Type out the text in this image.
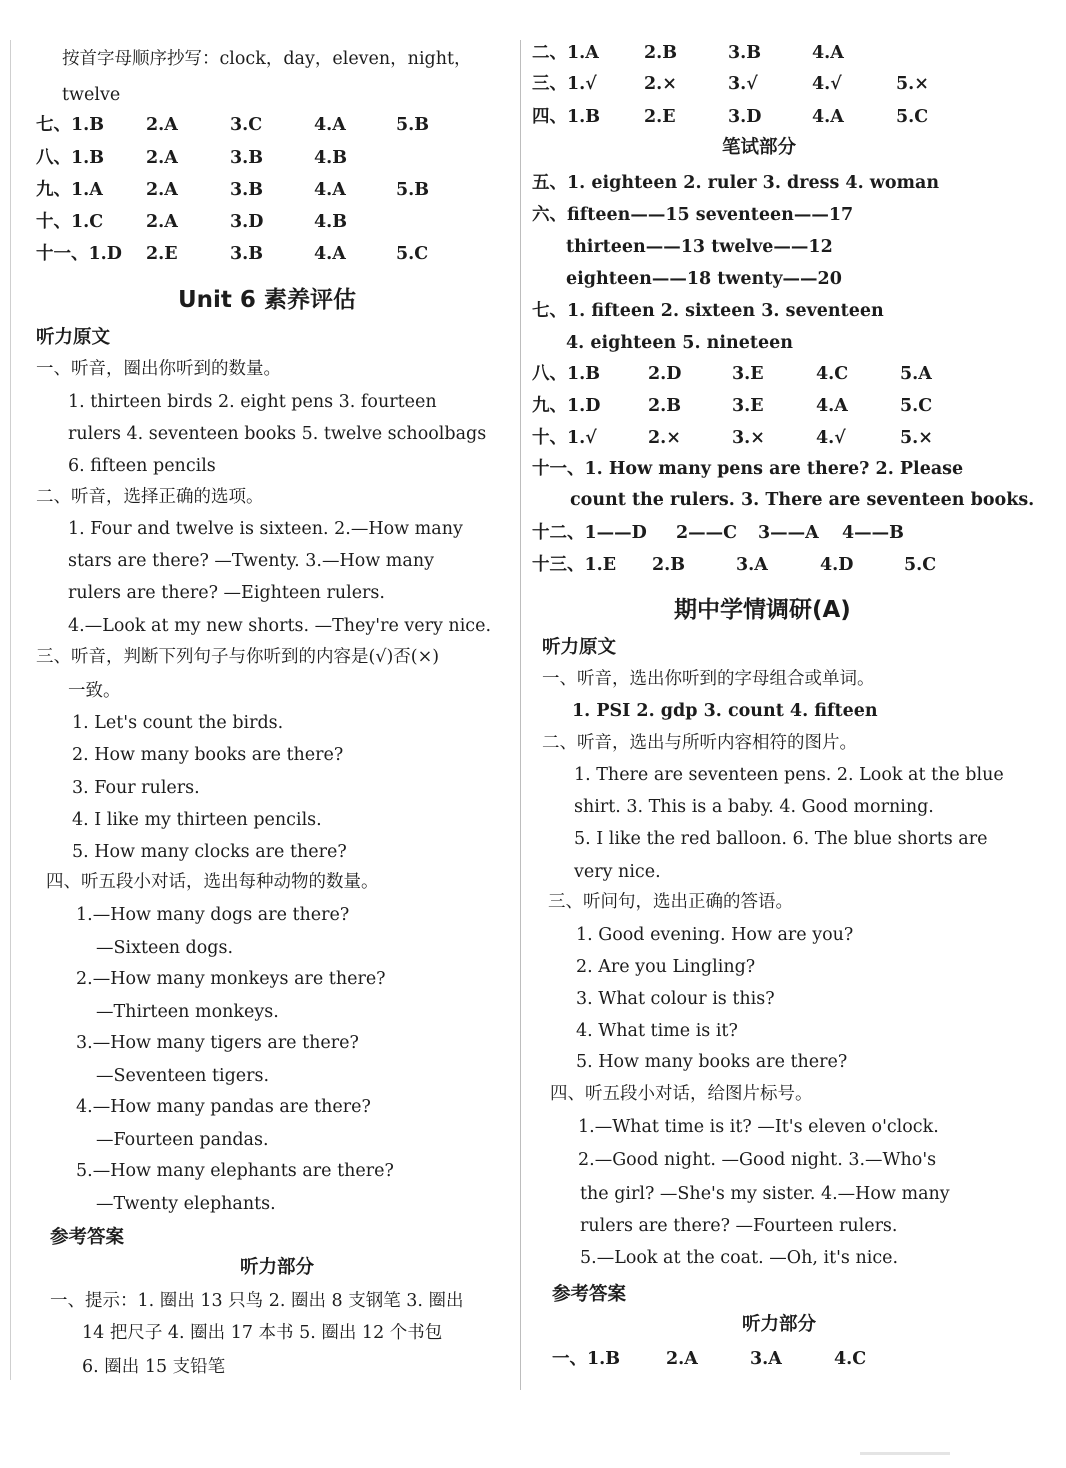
按首字母顺序抄写：clock，day，eleven，night，
twelve
七、1.B 2.A	3.C	4.A	5.B
八、1.B 2.A	3.B	4.B
九、1.A 2.A	3.B	4.A	5.B
十、1.C 2.A	3.D	4.B
十一、1.D 2.E	3.B	4.A	5.C
Unit 6 素养评估
听力原文
一、听音，圈出你听到的数量。
1. thirteen birds 2. eight pens 3. fourteen
rulers 4. seventeen books 5. twelve schoolbags
6. fifteen pencils
二、听音，选择正确的选项。
1. Four and twelve is sixteen. 2.—How many
stars are there? —Twenty. 3.—How many
rulers are there? —Eighteen rulers.
4.—Look at my new shorts. —They're very nice.
三、听音，判断下列句子与你听到的内容是(√)否(×)
一致。
1. Let's count the birds.
2. How many books are there?
3. Four rulers.
4. I like my thirteen pencils.
5. How many clocks are there?
四、听五段小对话，选出每种动物的数量。
1.—How many dogs are there?
—Sixteen dogs.
2.—How many monkeys are there?
—Thirteen monkeys.
3.—How many tigers are there?
—Seventeen tigers.
4.—How many pandas are there?
—Fourteen pandas.
5.—How many elephants are there?
—Twenty elephants.
参考答案
听力部分
一、提示：1. 圈出 13 只鸟 2. 圈出 8 支钢笔 3. 圈出
14 把尺子 4. 圈出 17 本书 5. 圈出 12 个书包
6. 圈出 15 支铅笔
二、1.A	2.B	3.B	4.A
三、1.√	2.×	3.√	4.√	5.×
四、1.B	2.E	3.D	4.A	5.C
笔试部分
五、1. eighteen 2. ruler 3. dress 4. woman
六、fifteen——15 seventeen——17
thirteen——13 twelve——12
eighteen——18 twenty——20
七、1. fifteen 2. sixteen 3. seventeen
4. eighteen 5. nineteen
八、1.B	2.D	3.E	4.C	5.A
九、1.D	2.B	3.E	4.A	5.C
十、1.√	2.×	3.×	4.√	5.×
十一、1. How many pens are there? 2. Please
count the rulers. 3. There are seventeen books.
十二、1——D 2——C 3——A 4——B
十三、1.E 2.B	3.A	4.D	5.C
期中学情调研(A)
听力原文
一、听音，选出你听到的字母组合或单词。
1. PSI 2. gdp 3. count 4. fifteen
二、听音，选出与所听内容相符的图片。
1. There are seventeen pens. 2. Look at the blue
shirt. 3. This is a baby. 4. Good morning.
5. I like the red balloon. 6. The blue shorts are
very nice.
三、听问句，选出正确的答语。
1. Good evening. How are you?
2. Are you Lingling?
3. What colour is this?
4. What time is it?
5. How many books are there?
四、听五段小对话，给图片标号。
1.—What time is it? —It's eleven o'clock.
2.—Good night. —Good night. 3.—Who's
the girl? —She's my sister. 4.—How many
rulers are there? —Fourteen rulers.
5.—Look at the coat. —Oh, it's nice.
参考答案
听力部分
一、1.B	2.A	3.A	4.C
